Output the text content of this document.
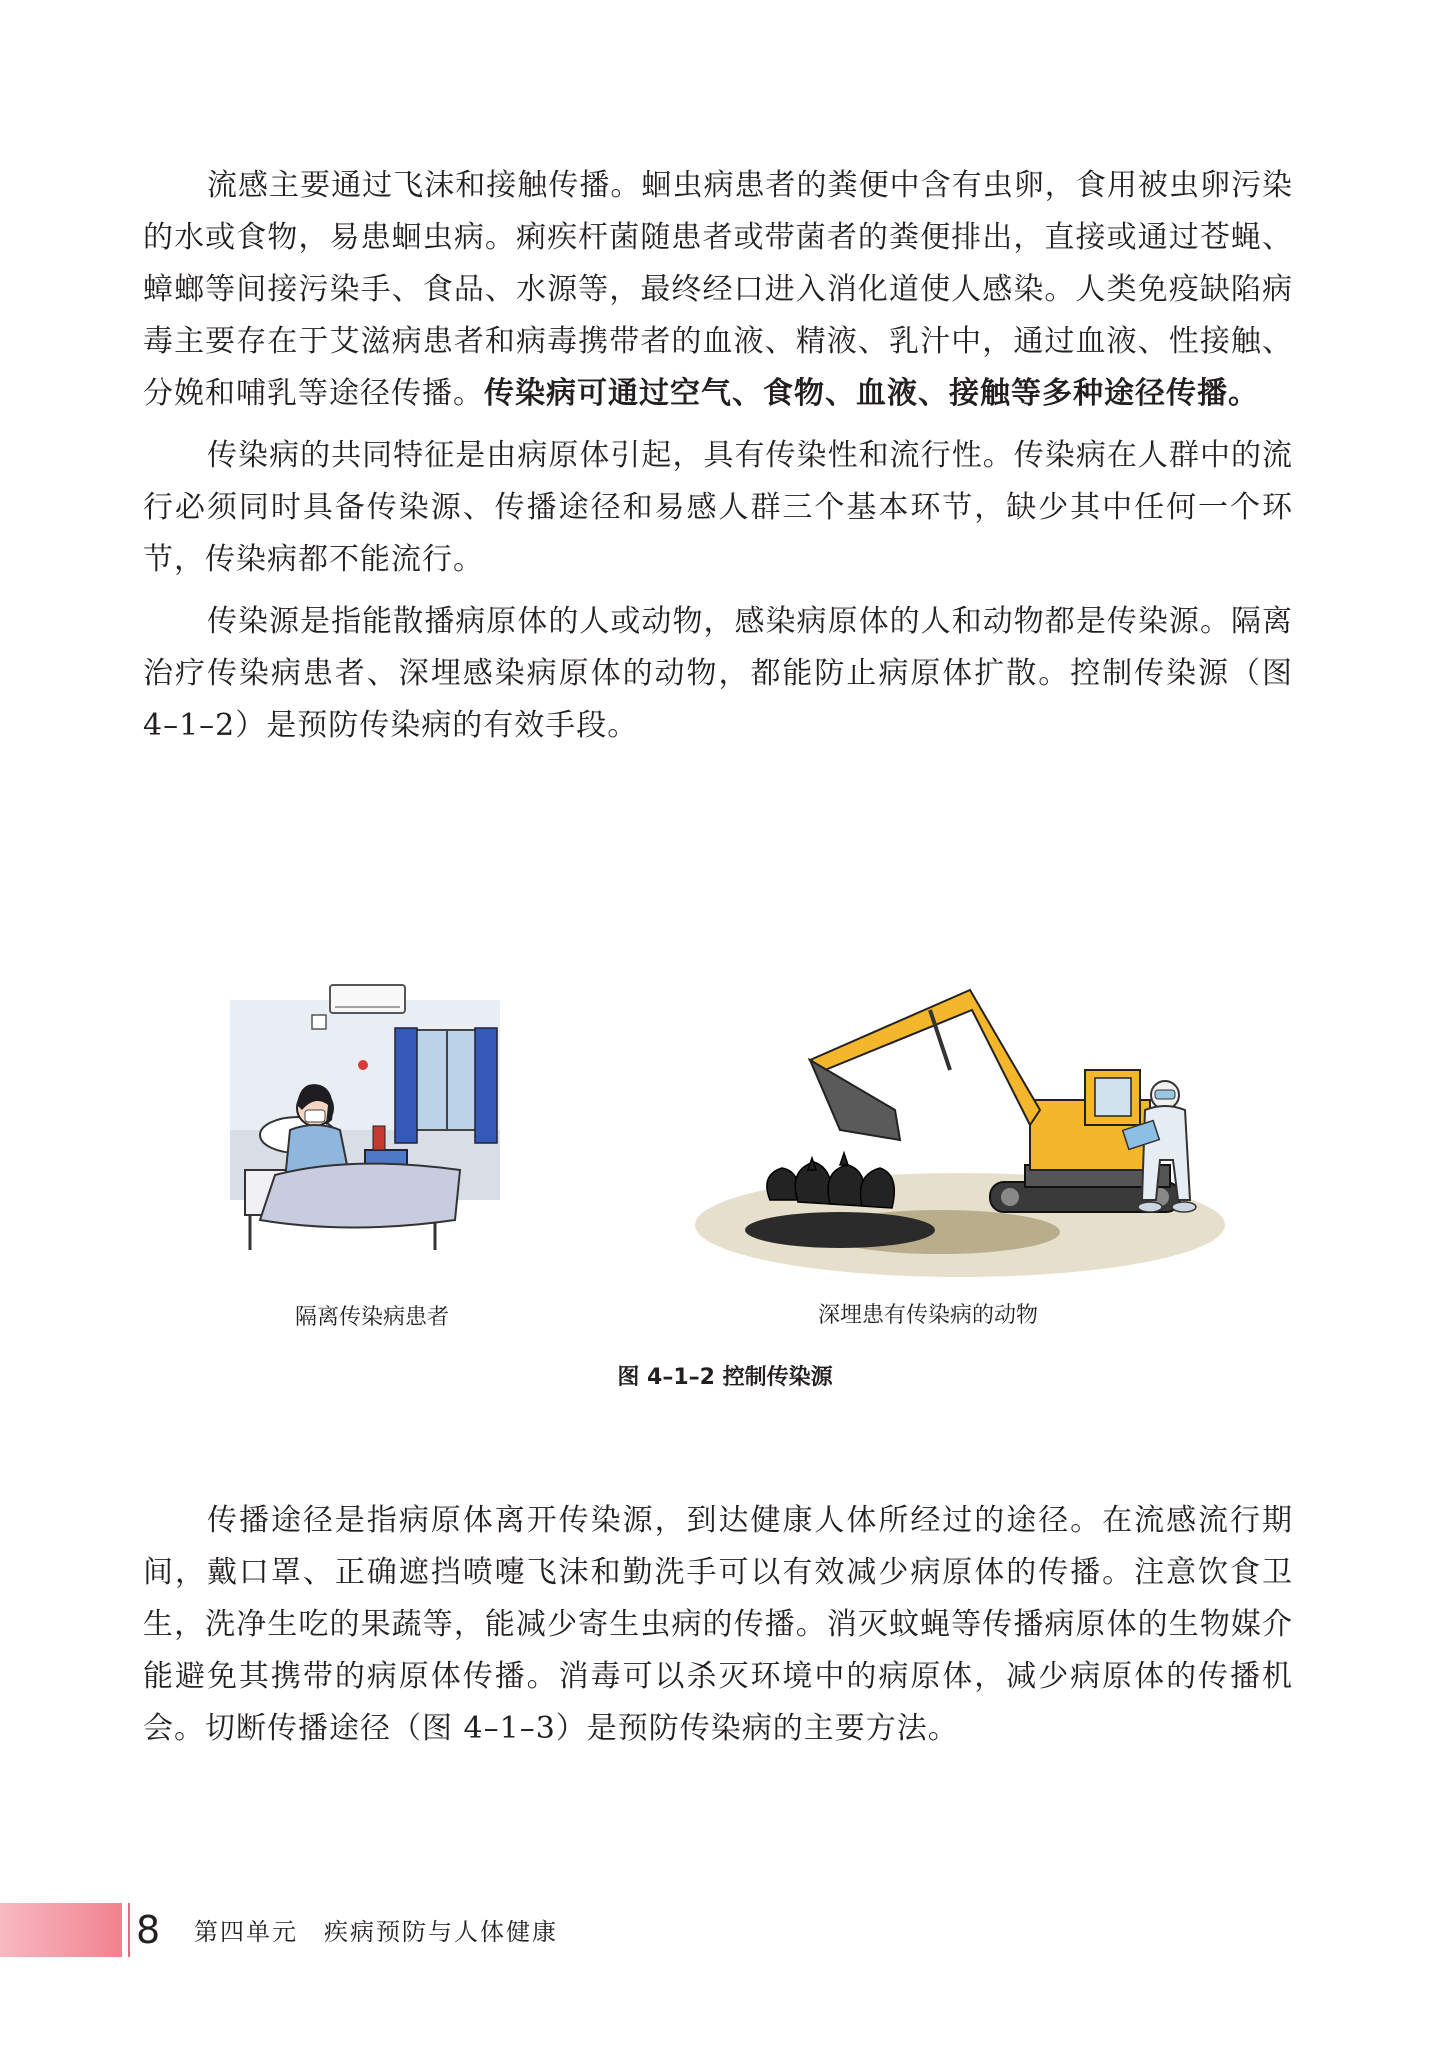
流感主要通过飞沫和接触传播。蛔虫病患者的粪便中含有虫卵，食用被虫卵污染的水或食物，易患蛔虫病。痢疾杆菌随患者或带菌者的粪便排出，直接或通过苍蝇、蟑螂等间接污染手、食品、水源等，最终经口进入消化道使人感染。人类免疫缺陷病毒主要存在于艾滋病患者和病毒携带者的血液、精液、乳汁中，通过血液、性接触、分娩和哺乳等途径传播。传染病可通过空气、食物、血液、接触等多种途径传播。

传染病的共同特征是由病原体引起，具有传染性和流行性。传染病在人群中的流行必须同时具备传染源、传播途径和易感人群三个基本环节，缺少其中任何一个环节，传染病都不能流行。

传染源是指能散播病原体的人或动物，感染病原体的人和动物都是传染源。隔离治疗传染病患者、深埋感染病原体的动物，都能防止病原体扩散。控制传染源（图 4–1–2）是预防传染病的有效手段。

隔离传染病患者	深埋患有传染病的动物
图 4–1–2 控制传染源

传播途径是指病原体离开传染源，到达健康人体所经过的途径。在流感流行期间，戴口罩、正确遮挡喷嚏飞沫和勤洗手可以有效减少病原体的传播。注意饮食卫生，洗净生吃的果蔬等，能减少寄生虫病的传播。消灭蚊蝇等传播病原体的生物媒介能避免其携带的病原体传播。消毒可以杀灭环境中的病原体，减少病原体的传播机会。切断传播途径（图 4–1–3）是预防传染病的主要方法。

8 第四单元　疾病预防与人体健康
